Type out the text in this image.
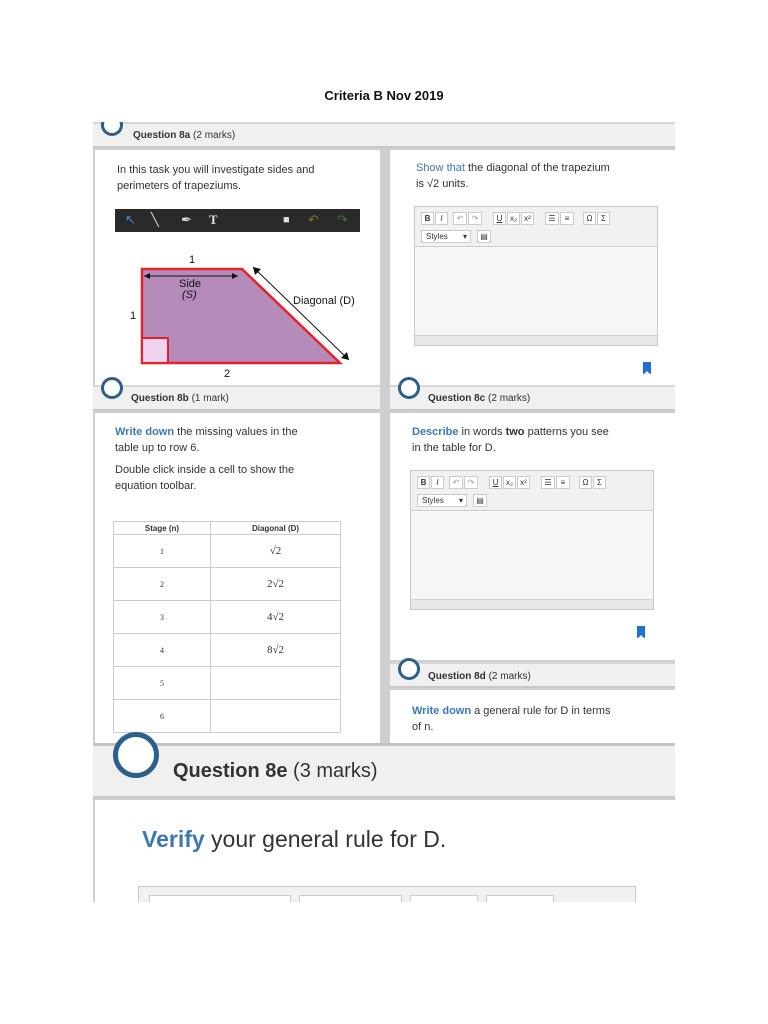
Criteria B Nov 2019
Question 8a (2 marks)
In this task you will investigate sides and
perimeters of trapeziums.
↖ ╲ ✒ T	■ ↶ ↷
1
1
2
Side
(S)	Diagonal (D)
Show that the diagonal of the trapezium
is √2 units.
B	I	↶	↷	U x₂ x²	☰	≡	Ω	Σ
Styles ▾	▤
Question 8b (1 mark)	Question 8c (2 marks)
Write down the missing values in the
table up to row 6.
Double click inside a cell to show the
equation toolbar.
Stage (n)	Diagonal (D)
1	√2
2	2√2
3	4√2
4	8√2
5	
6	
Describe in words two patterns you see
in the table for D.
B	I	↶	↷	U x₂ x²	☰	≡	Ω	Σ
Styles ▾	▤
Question 8d (2 marks)
Write down a general rule for D in terms
of n.
Question 8e (3 marks)
Verify your general rule for D.
